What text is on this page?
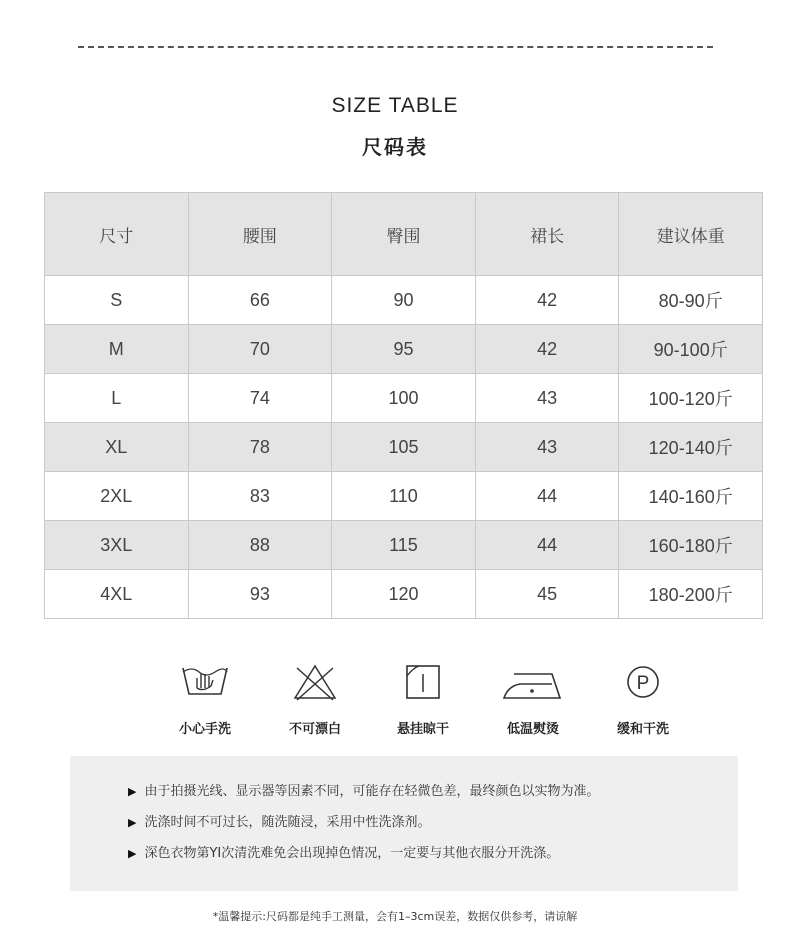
SIZE TABLE
尺码表
尺寸	腰围	臀围	裙长	建议体重
S	66	90	42	80-90斤
M	70	95	42	90-100斤
L	74	100	43	100-120斤
XL	78	105	43	120-140斤
2XL	83	110	44	140-160斤
3XL	88	115	44	160-180斤
4XL	93	120	45	180-200斤
小心手洗	不可漂白	悬挂晾干	低温熨烫
P
缓和干洗
▶ 由于拍摄光线、显示器等因素不同，可能存在轻微色差，最终颜色以实物为准。
▶ 洗涤时间不可过长，随洗随浸，采用中性洗涤剂。
▶ 深色衣物第YI次清洗难免会出现掉色情况，一定要与其他衣服分开洗涤。
*温馨提示:尺码都是纯手工测量，会有1–3cm误差，数据仅供参考，请谅解
